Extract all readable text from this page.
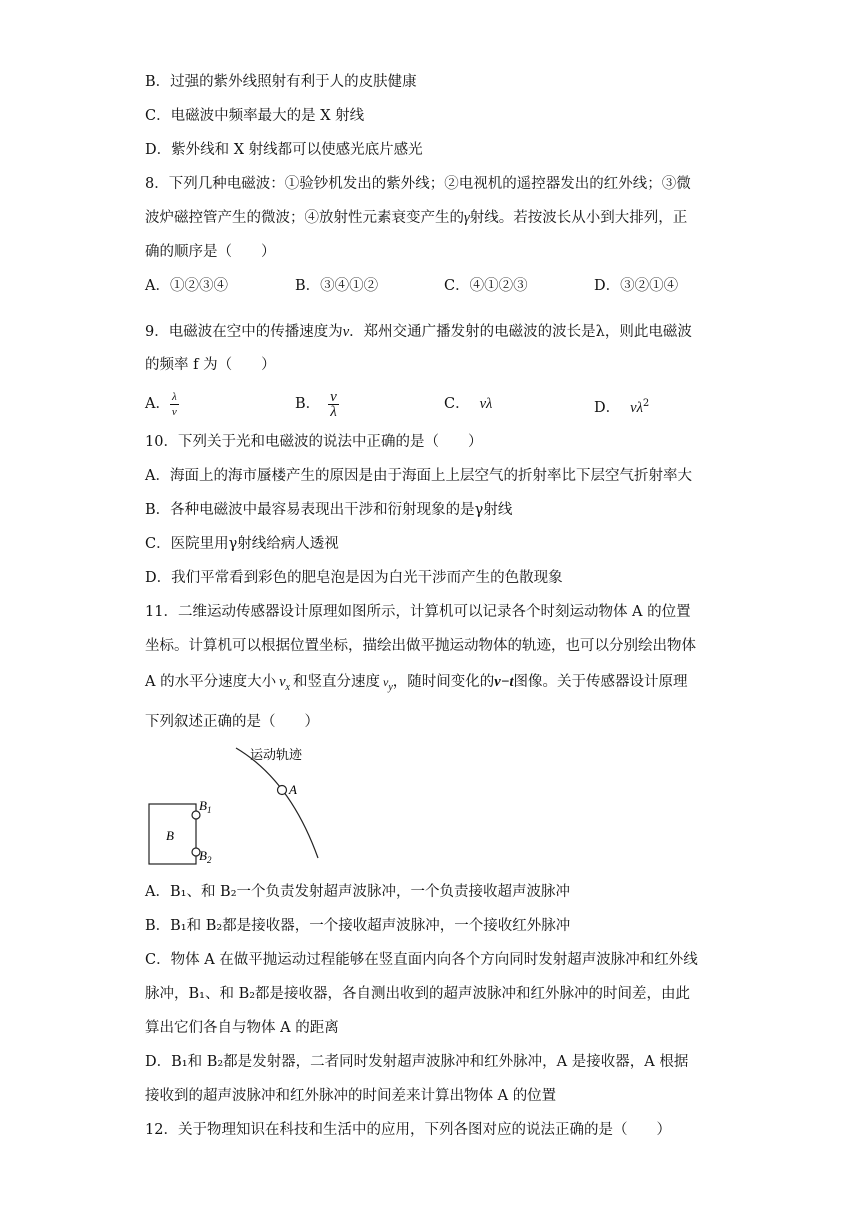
B．过强的紫外线照射有利于人的皮肤健康
C．电磁波中频率最大的是 X 射线
D．紫外线和 X 射线都可以使感光底片感光
8．下列几种电磁波：①验钞机发出的紫外线；②电视机的遥控器发出的红外线；③微
波炉磁控管产生的微波；④放射性元素衰变产生的γ射线。若按波长从小到大排列，正
确的顺序是（　　）
A．①②③④	B．③④①②	C．④①②③	D．③②①④
9．电磁波在空中的传播速度为v．郑州交通广播发射的电磁波的波长是λ，则此电磁波
的频率 f 为（　　）
A． $\frac{\lambda}{v}$	B． $\frac{v}{\lambda}$	C． vλ	D． $v\lambda^2$
10．下列关于光和电磁波的说法中正确的是（　　）
A．海面上的海市蜃楼产生的原因是由于海面上上层空气的折射率比下层空气折射率大
B．各种电磁波中最容易表现出干涉和衍射现象的是γ射线
C．医院里用γ射线给病人透视
D．我们平常看到彩色的肥皂泡是因为白光干涉而产生的色散现象
11．二维运动传感器设计原理如图所示，计算机可以记录各个时刻运动物体 A 的位置
坐标。计算机可以根据位置坐标，描绘出做平抛运动物体的轨迹，也可以分别绘出物体
A 的水平分速度大小 $v_x$ 和竖直分速度 $v_y$，随时间变化的v−t图像。关于传感器设计原理
下列叙述正确的是（　　）
运动轨迹
A
B
$B_1$
$B_2$
A．B₁、和 B₂一个负责发射超声波脉冲，一个负责接收超声波脉冲
B．B₁和 B₂都是接收器，一个接收超声波脉冲，一个接收红外脉冲
C．物体 A 在做平抛运动过程能够在竖直面内向各个方向同时发射超声波脉冲和红外线
脉冲，B₁、和 B₂都是接收器，各自测出收到的超声波脉冲和红外脉冲的时间差，由此
算出它们各自与物体 A 的距离
D．B₁和 B₂都是发射器，二者同时发射超声波脉冲和红外脉冲，A 是接收器，A 根据
接收到的超声波脉冲和红外脉冲的时间差来计算出物体 A 的位置
12．关于物理知识在科技和生活中的应用，下列各图对应的说法正确的是（　　）
